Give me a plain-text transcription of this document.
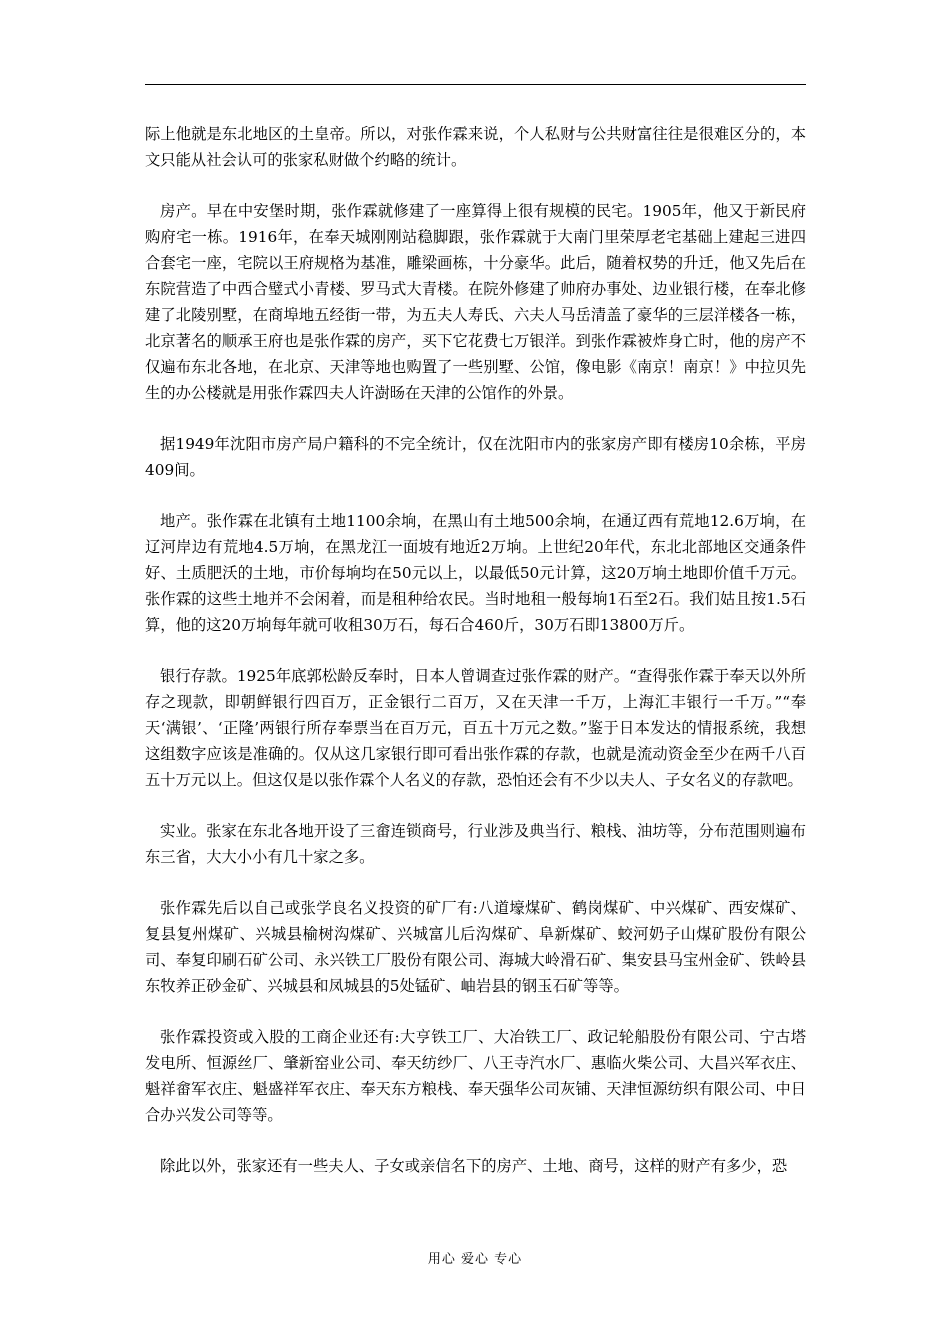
际上他就是东北地区的土皇帝。所以，对张作霖来说，个人私财与公共财富往往是很难区分的，本文只能从社会认可的张家私财做个约略的统计。

房产。早在中安堡时期，张作霖就修建了一座算得上很有规模的民宅。1905年，他又于新民府购府宅一栋。1916年，在奉天城刚刚站稳脚跟，张作霖就于大南门里荣厚老宅基础上建起三进四合套宅一座，宅院以王府规格为基准，雕梁画栋，十分豪华。此后，随着权势的升迁，他又先后在东院营造了中西合璧式小青楼、罗马式大青楼。在院外修建了帅府办事处、边业银行楼，在奉北修建了北陵别墅，在商埠地五经街一带，为五夫人寿氏、六夫人马岳清盖了豪华的三层洋楼各一栋，北京著名的顺承王府也是张作霖的房产，买下它花费七万银洋。到张作霖被炸身亡时，他的房产不仅遍布东北各地，在北京、天津等地也购置了一些别墅、公馆，像电影《南京！南京！》中拉贝先生的办公楼就是用张作霖四夫人许澍旸在天津的公馆作的外景。

据1949年沈阳市房产局户籍科的不完全统计，仅在沈阳市内的张家房产即有楼房10余栋，平房409间。

地产。张作霖在北镇有土地1100余垧，在黑山有土地500余垧，在通辽西有荒地12.6万垧，在辽河岸边有荒地4.5万垧，在黑龙江一面坡有地近2万垧。上世纪20年代，东北北部地区交通条件好、土质肥沃的土地，市价每垧均在50元以上，以最低50元计算，这20万垧土地即价值千万元。张作霖的这些土地并不会闲着，而是租种给农民。当时地租一般每垧1石至2石。我们姑且按1.5石算，他的这20万垧每年就可收租30万石，每石合460斤，30万石即13800万斤。

银行存款。1925年底郭松龄反奉时，日本人曾调查过张作霖的财产。“查得张作霖于奉天以外所存之现款，即朝鲜银行四百万，正金银行二百万，又在天津一千万，上海汇丰银行一千万。”“奉天‘满银’、‘正隆’两银行所存奉票当在百万元，百五十万元之数。”鉴于日本发达的情报系统，我想这组数字应该是准确的。仅从这几家银行即可看出张作霖的存款，也就是流动资金至少在两千八百五十万元以上。但这仅是以张作霖个人名义的存款，恐怕还会有不少以夫人、子女名义的存款吧。

实业。张家在东北各地开设了三畲连锁商号，行业涉及典当行、粮栈、油坊等，分布范围则遍布东三省，大大小小有几十家之多。

张作霖先后以自己或张学良名义投资的矿厂有:八道壕煤矿、鹤岗煤矿、中兴煤矿、西安煤矿、复县复州煤矿、兴城县榆树沟煤矿、兴城富儿后沟煤矿、阜新煤矿、蛟河奶子山煤矿股份有限公司、奉复印刷石矿公司、永兴铁工厂股份有限公司、海城大岭滑石矿、集安县马宝州金矿、铁岭县东牧养正砂金矿、兴城县和凤城县的5处锰矿、岫岩县的钢玉石矿等等。

张作霖投资或入股的工商企业还有:大亨铁工厂、大冶铁工厂、政记轮船股份有限公司、宁古塔发电所、恒源丝厂、肇新窑业公司、奉天纺纱厂、八王寺汽水厂、惠临火柴公司、大昌兴军衣庄、魁祥畲军衣庄、魁盛祥军衣庄、奉天东方粮栈、奉天强华公司灰铺、天津恒源纺织有限公司、中日合办兴发公司等等。

除此以外，张家还有一些夫人、子女或亲信名下的房产、土地、商号，这样的财产有多少，恐

用心 爱心 专心
